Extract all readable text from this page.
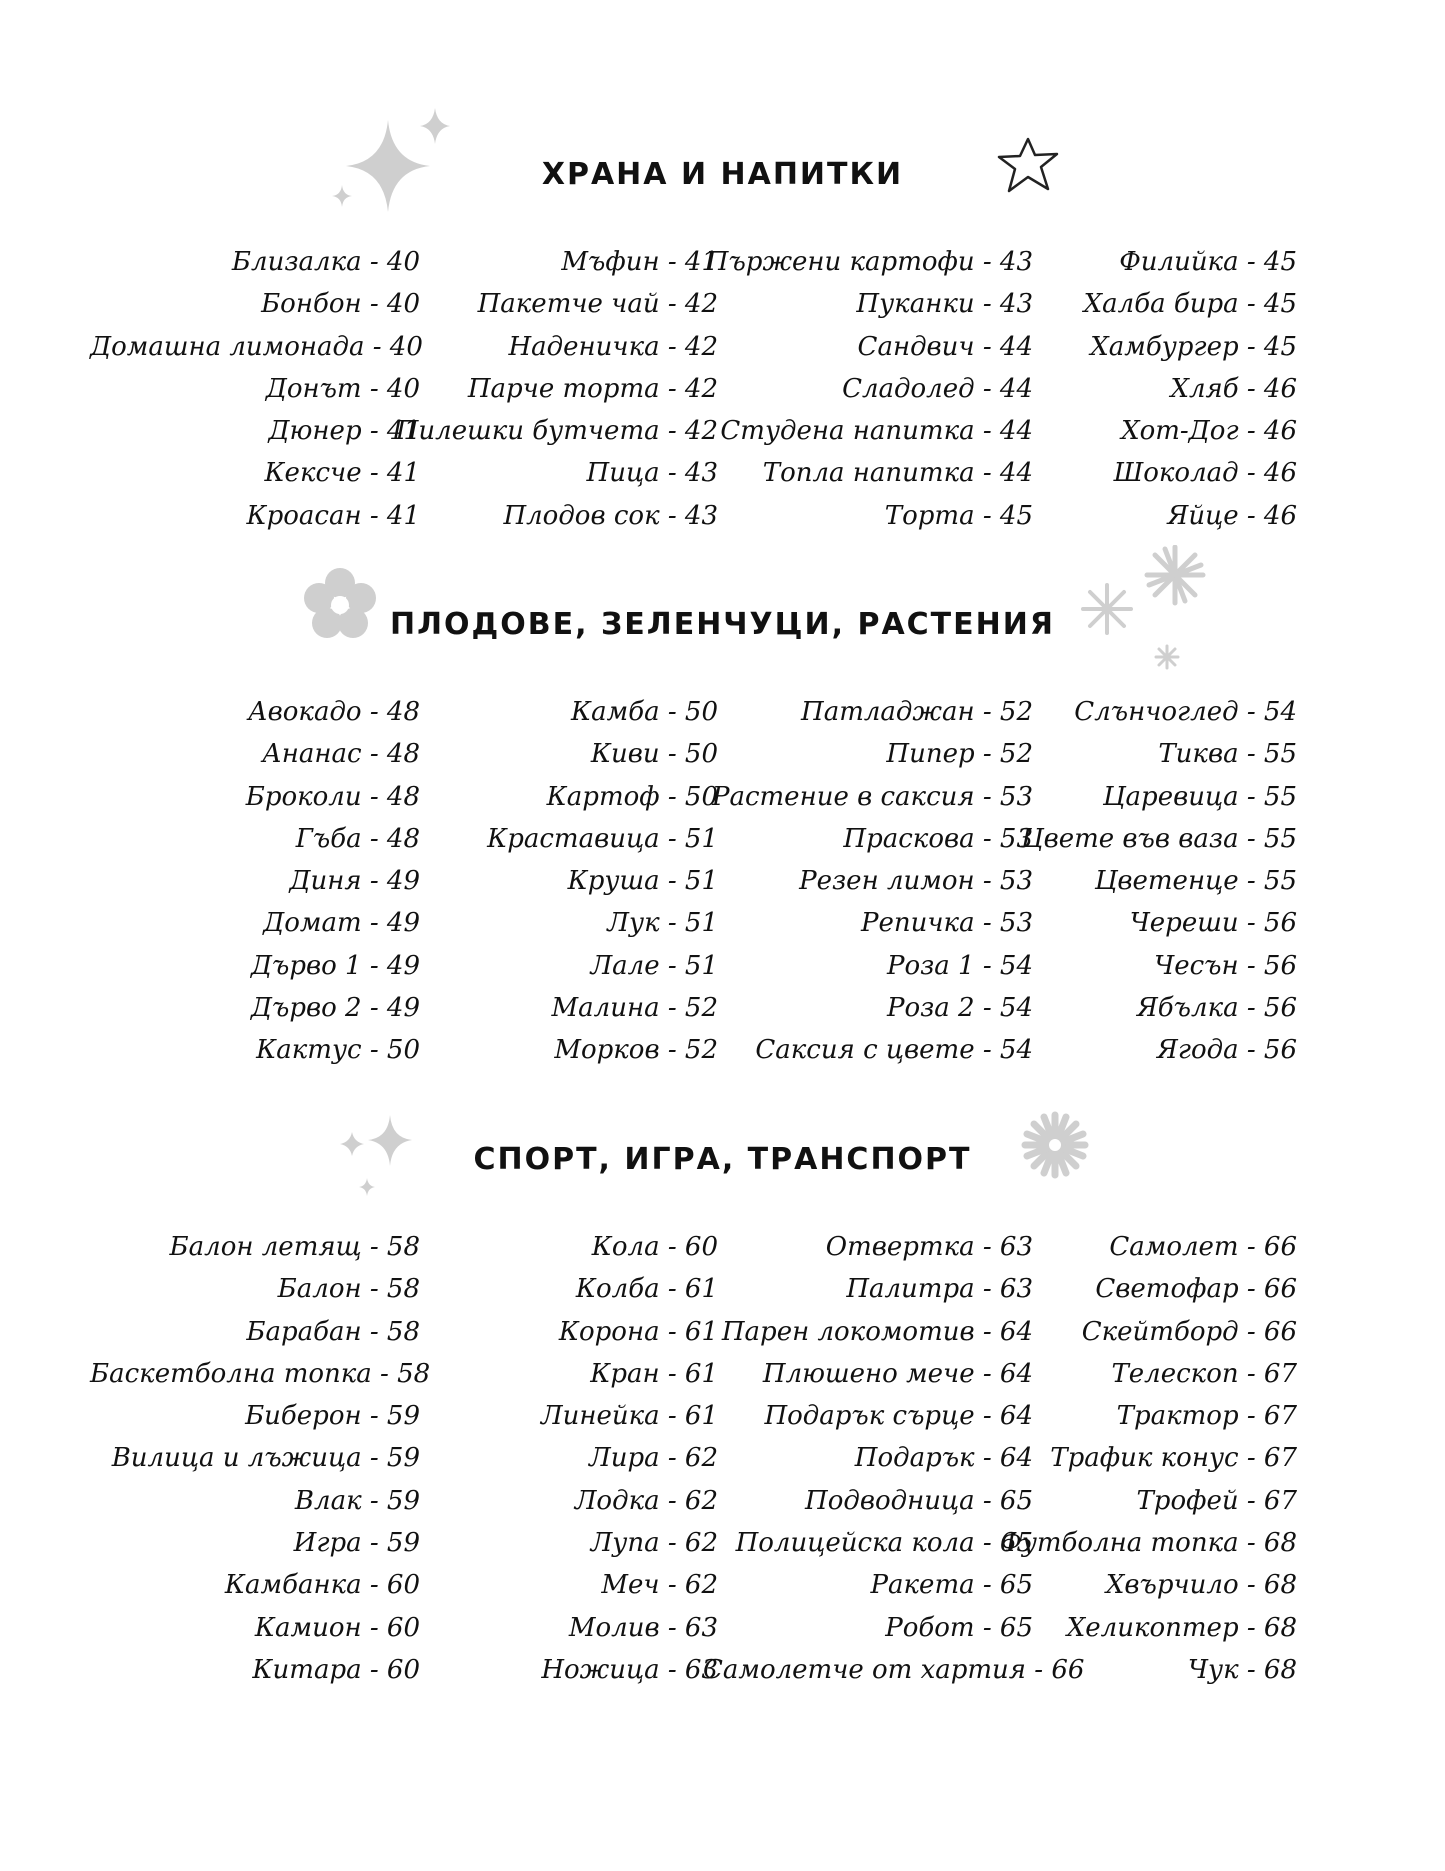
ХРАНА И НАПИТКИ
Близалка - 40
Бонбон - 40
Домашна лимонада - 40
Донът - 40
Дюнер - 41
Кексче - 41
Кроасан - 41
Мъфин - 41
Пакетче чай - 42
Наденичка - 42
Парче торта - 42
Пилешки бутчета - 42
Пица - 43
Плодов сок - 43
Пържени картофи - 43
Пуканки - 43
Сандвич - 44
Сладолед - 44
Студена напитка - 44
Топла напитка - 44
Торта - 45
Филийка - 45
Халба бира - 45
Хамбургер - 45
Хляб - 46
Хот-Дог - 46
Шоколад - 46
Яйце - 46
ПЛОДОВЕ, ЗЕЛЕНЧУЦИ, РАСТЕНИЯ
Авокадо - 48
Ананас - 48
Броколи - 48
Гъба - 48
Диня - 49
Домат - 49
Дърво 1 - 49
Дърво 2 - 49
Кактус - 50
Камба - 50
Киви - 50
Картоф - 50
Краставица - 51
Круша - 51
Лук - 51
Лале - 51
Малина - 52
Морков - 52
Патладжан - 52
Пипер - 52
Растение в саксия - 53
Праскова - 53
Резен лимон - 53
Репичка - 53
Роза 1 - 54
Роза 2 - 54
Саксия с цвете - 54
Слънчоглед - 54
Тиква - 55
Царевица - 55
Цвете във ваза - 55
Цветенце - 55
Череши - 56
Чесън - 56
Ябълка - 56
Ягода - 56
СПОРТ, ИГРА, ТРАНСПОРТ
Балон летящ - 58
Балон - 58
Барабан - 58
Баскетболна топка - 58
Биберон - 59
Вилица и лъжица - 59
Влак - 59
Игра - 59
Камбанка - 60
Камион - 60
Китара - 60
Кола - 60
Колба - 61
Корона - 61
Кран - 61
Линейка - 61
Лира - 62
Лодка - 62
Лупа - 62
Меч - 62
Молив - 63
Ножица - 63
Отвертка - 63
Палитра - 63
Парен локомотив - 64
Плюшено мече - 64
Подарък сърце - 64
Подарък - 64
Подводница - 65
Полицейска кола - 65
Ракета - 65
Робот - 65
Самолетче от хартия - 66
Самолет - 66
Светофар - 66
Скейтборд - 66
Телескоп - 67
Трактор - 67
Трафик конус - 67
Трофей - 67
Футболна топка - 68
Хвърчило - 68
Хеликоптер - 68
Чук - 68
